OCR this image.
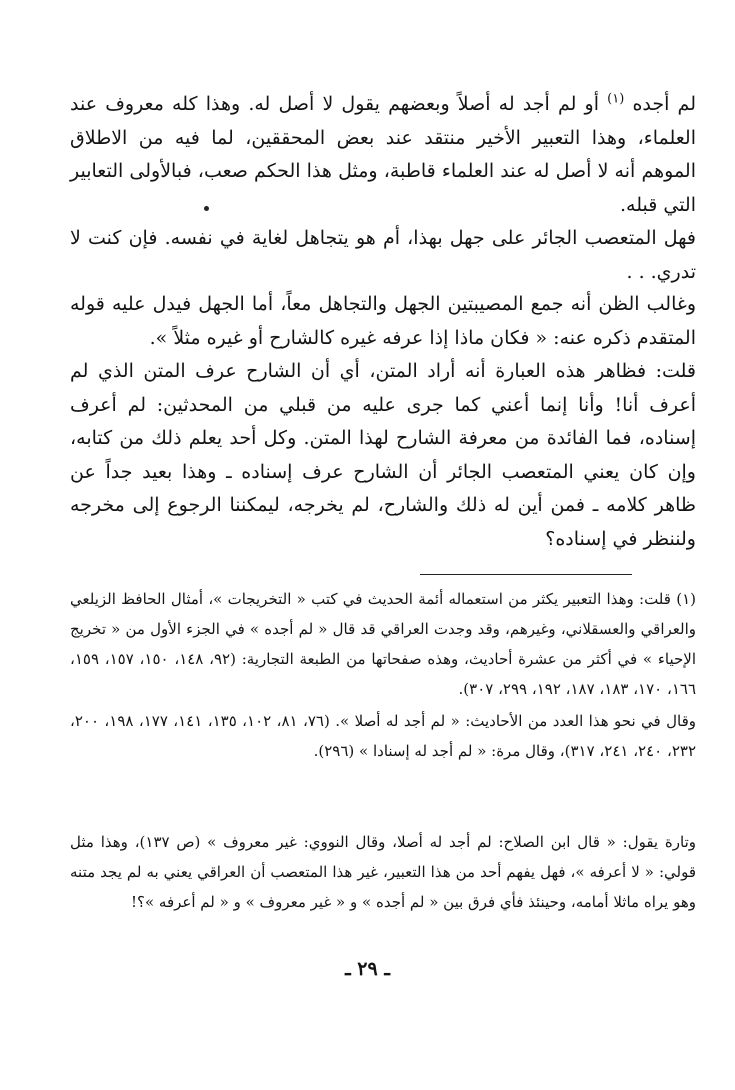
لم أجده $^{(١)}$ أو لم أجد له أصلاً وبعضهم يقول لا أصل له. وهذا كله معروف عند العلماء، وهذا التعبير الأخير منتقد عند بعض المحققين، لما فيه من الاطلاق الموهم أنه لا أصل له عند العلماء قاطبة، ومثل هذا الحكم صعب، فبالأولى التعابير التي قبله.

فهل المتعصب الجائر على جهل بهذا، أم هو يتجاهل لغاية في نفسه. فإن كنت لا تدري. . .

وغالب الظن أنه جمع المصيبتين الجهل والتجاهل معاً، أما الجهل فيدل عليه قوله المتقدم ذكره عنه: « فكان ماذا إذا عرفه غيره كالشارح أو غيره مثلاً ».

قلت: فظاهر هذه العبارة أنه أراد المتن، أي أن الشارح عرف المتن الذي لم أعرف أنا! وأنا إنما أعني كما جرى عليه من قبلي من المحدثين: لم أعرف إسناده، فما الفائدة من معرفة الشارح لهذا المتن. وكل أحد يعلم ذلك من كتابه، وإن كان يعني المتعصب الجائر أن الشارح عرف إسناده ـ وهذا بعيد جداً عن ظاهر كلامه ـ فمن أين له ذلك والشارح، لم يخرجه، ليمكننا الرجوع إلى مخرجه ولننظر في إسناده؟

(١) قلت: وهذا التعبير يكثر من استعماله أئمة الحديث في كتب « التخريجات »، أمثال الحافظ الزيلعي والعراقي والعسقلاني، وغيرهم، وقد وجدت العراقي قد قال « لم أجده » في الجزء الأول من « تخريج الإحياء » في أكثر من عشرة أحاديث، وهذه صفحاتها من الطبعة التجارية: (٩٢، ١٤٨، ١٥٠، ١٥٧، ١٥٩، ١٦٦، ١٧٠، ١٨٣، ١٨٧، ١٩٢، ٢٩٩، ٣٠٧).

وقال في نحو هذا العدد من الأحاديث: « لم أجد له أصلا ». (٧٦، ٨١، ١٠٢، ١٣٥، ١٤١، ١٧٧، ١٩٨، ٢٠٠، ٢٣٢، ٢٤٠، ٢٤١، ٣١٧)، وقال مرة: « لم أجد له إسنادا » (٢٩٦).

وتارة يقول: « قال ابن الصلاح: لم أجد له أصلا، وقال النووي: غير معروف » (ص ١٣٧)، وهذا مثل قولي: « لا أعرفه »، فهل يفهم أحد من هذا التعبير، غير هذا المتعصب أن العراقي يعني به لم يجد متنه وهو يراه ماثلا أمامه، وحينئذ فأي فرق بين « لم أجده » و « غير معروف » و « لم أعرفه »؟!

ـ ٢٩ ـ
